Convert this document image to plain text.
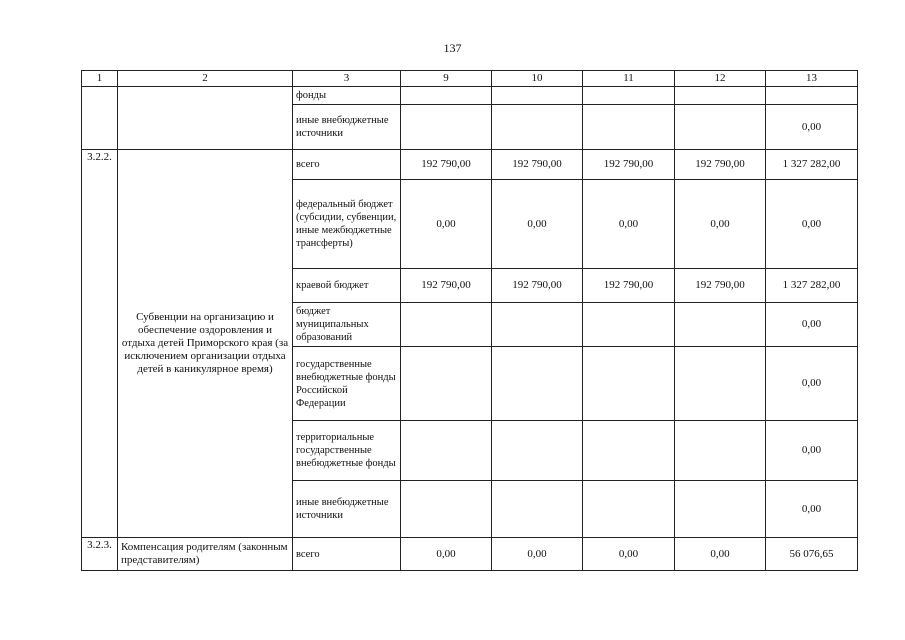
137
1	2	3	9	10	11	12	13
		фонды					
		иные внебюджетные источники					0,00
3.2.2.	Субвенции на организацию и обеспечение оздоровления и отдыха детей Приморского края (за исключением организации отдыха детей в каникулярное время)	всего	192 790,00	192 790,00	192 790,00	192 790,00	1 327 282,00
		федеральный бюджет (субсидии, субвенции, иные межбюджетные трансферты)	0,00	0,00	0,00	0,00	0,00
		краевой бюджет	192 790,00	192 790,00	192 790,00	192 790,00	1 327 282,00
		бюджет муниципальных образований					0,00
		государственные внебюджетные фонды Российской Федерации					0,00
		территориальные государственные внебюджетные фонды					0,00
		иные внебюджетные источники					0,00
3.2.3.	Компенсация родителям (законным представителям)	всего	0,00	0,00	0,00	0,00	56 076,65
